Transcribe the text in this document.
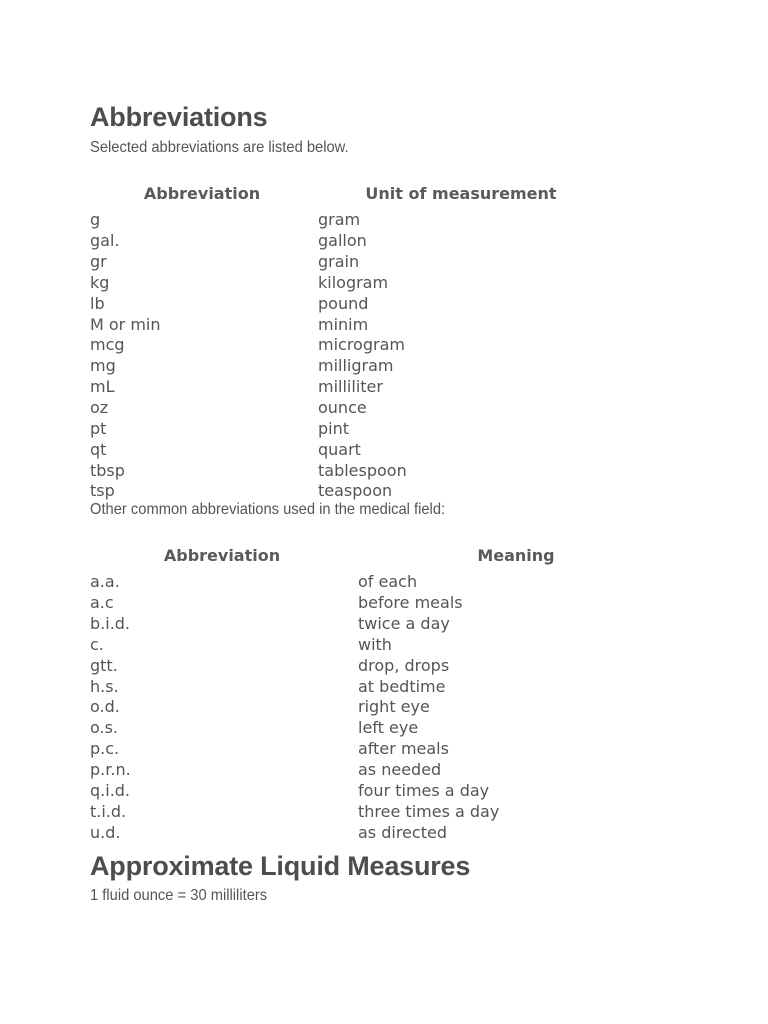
Abbreviations

Selected abbreviations are listed below.

Abbreviation	Unit of measurement
g	gram
gal.	gallon
gr	grain
kg	kilogram
lb	pound
M or min	minim
mcg	microgram
mg	milligram
mL	milliliter
oz	ounce
pt	pint
qt	quart
tbsp	tablespoon
tsp	teaspoon

Other common abbreviations used in the medical field:

Abbreviation	Meaning
a.a.	of each
a.c	before meals
b.i.d.	twice a day
c.	with
gtt.	drop, drops
h.s.	at bedtime
o.d.	right eye
o.s.	left eye
p.c.	after meals
p.r.n.	as needed
q.i.d.	four times a day
t.i.d.	three times a day
u.d.	as directed
Approximate Liquid Measures

1 fluid ounce = 30 milliliters
